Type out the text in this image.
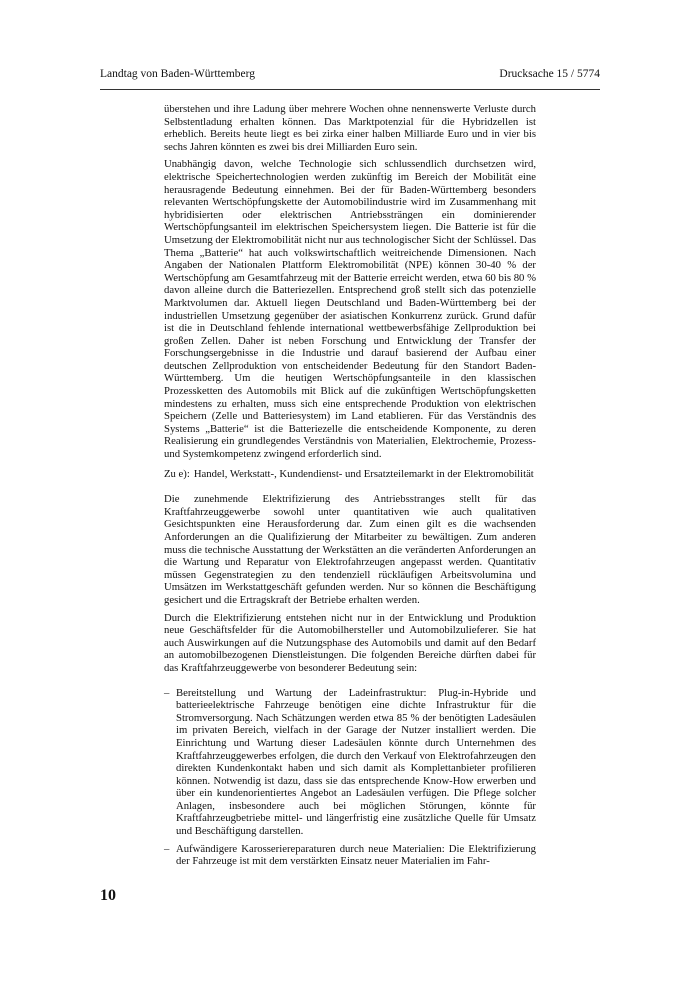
Landtag von Baden-Württemberg	Drucksache 15 / 5774

überstehen und ihre Ladung über mehrere Wochen ohne nennenswerte Verluste durch Selbstentladung erhalten können. Das Marktpotenzial für die Hybridzellen ist erheblich. Bereits heute liegt es bei zirka einer halben Milliarde Euro und in vier bis sechs Jahren könnten es zwei bis drei Milliarden Euro sein.

Unabhängig davon, welche Technologie sich schlussendlich durchsetzen wird, elektrische Speichertechnologien werden zukünftig im Bereich der Mobilität eine herausragende Bedeutung einnehmen. Bei der für Baden-Württemberg besonders relevanten Wertschöpfungskette der Automobilindustrie wird im Zusammenhang mit hybridisierten oder elektrischen Antriebssträngen ein dominierender Wertschöpfungsanteil im elektrischen Speichersystem liegen. Die Batterie ist für die Umsetzung der Elektromobilität nicht nur aus technologischer Sicht der Schlüssel. Das Thema „Batterie“ hat auch volkswirtschaftlich weitreichende Dimensionen. Nach Angaben der Nationalen Plattform Elektromobilität (NPE) können 30-40 % der Wertschöpfung am Gesamtfahrzeug mit der Batterie erreicht werden, etwa 60 bis 80 % davon alleine durch die Batteriezellen. Entsprechend groß stellt sich das potenzielle Marktvolumen dar. Aktuell liegen Deutschland und Baden-Württemberg bei der industriellen Umsetzung gegenüber der asiatischen Konkurrenz zurück. Grund dafür ist die in Deutschland fehlende international wettbewerbsfähige Zellproduktion bei großen Zellen. Daher ist neben Forschung und Entwicklung der Transfer der Forschungsergebnisse in die Industrie und darauf basierend der Aufbau einer deutschen Zellproduktion von entscheidender Bedeutung für den Standort Baden-Württemberg. Um die heutigen Wertschöpfungsanteile in den klassischen Prozessketten des Automobils mit Blick auf die zukünftigen Wertschöpfungsketten mindestens zu erhalten, muss sich eine entsprechende Produktion von elektrischen Speichern (Zelle und Batteriesystem) im Land etablieren. Für das Verständnis des Systems „Batterie“ ist die Batteriezelle die entscheidende Komponente, zu deren Realisierung ein grundlegendes Verständnis von Materialien, Elektrochemie, Prozess- und Systemkompetenz zwingend erforderlich sind.

Zu e): Handel, Werkstatt-, Kundendienst- und Ersatzteilemarkt in der Elektromobilität

Die zunehmende Elektrifizierung des Antriebsstranges stellt für das Kraftfahrzeuggewerbe sowohl unter quantitativen wie auch qualitativen Gesichtspunkten eine Herausforderung dar. Zum einen gilt es die wachsenden Anforderungen an die Qualifizierung der Mitarbeiter zu bewältigen. Zum anderen muss die technische Ausstattung der Werkstätten an die veränderten Anforderungen an die Wartung und Reparatur von Elektrofahrzeugen angepasst werden. Quantitativ müssen Gegenstrategien zu den tendenziell rückläufigen Arbeitsvolumina und Umsätzen im Werkstattgeschäft gefunden werden. Nur so können die Beschäftigung gesichert und die Ertragskraft der Betriebe erhalten werden.

Durch die Elektrifizierung entstehen nicht nur in der Entwicklung und Produktion neue Geschäftsfelder für die Automobilhersteller und Automobilzulieferer. Sie hat auch Auswirkungen auf die Nutzungsphase des Automobils und damit auf den Bedarf an automobilbezogenen Dienstleistungen. Die folgenden Bereiche dürften dabei für das Kraftfahrzeuggewerbe von besonderer Bedeutung sein:

– Bereitstellung und Wartung der Ladeinfrastruktur: Plug-in-Hybride und batterieelektrische Fahrzeuge benötigen eine dichte Infrastruktur für die Stromversorgung. Nach Schätzungen werden etwa 85 % der benötigten Ladesäulen im privaten Bereich, vielfach in der Garage der Nutzer installiert werden. Die Einrichtung und Wartung dieser Ladesäulen könnte durch Unternehmen des Kraftfahrzeuggewerbes erfolgen, die durch den Verkauf von Elektrofahrzeugen den direkten Kundenkontakt haben und sich damit als Komplettanbieter profilieren können. Notwendig ist dazu, dass sie das entsprechende Know-How erwerben und über ein kundenorientiertes Angebot an Ladesäulen verfügen. Die Pflege solcher Anlagen, insbesondere auch bei möglichen Störungen, könnte für Kraftfahrzeugbetriebe mittel- und längerfristig eine zusätzliche Quelle für Umsatz und Beschäftigung darstellen.
– Aufwändigere Karosseriereparaturen durch neue Materialien: Die Elektrifizierung der Fahrzeuge ist mit dem verstärkten Einsatz neuer Materialien im Fahr-
10
